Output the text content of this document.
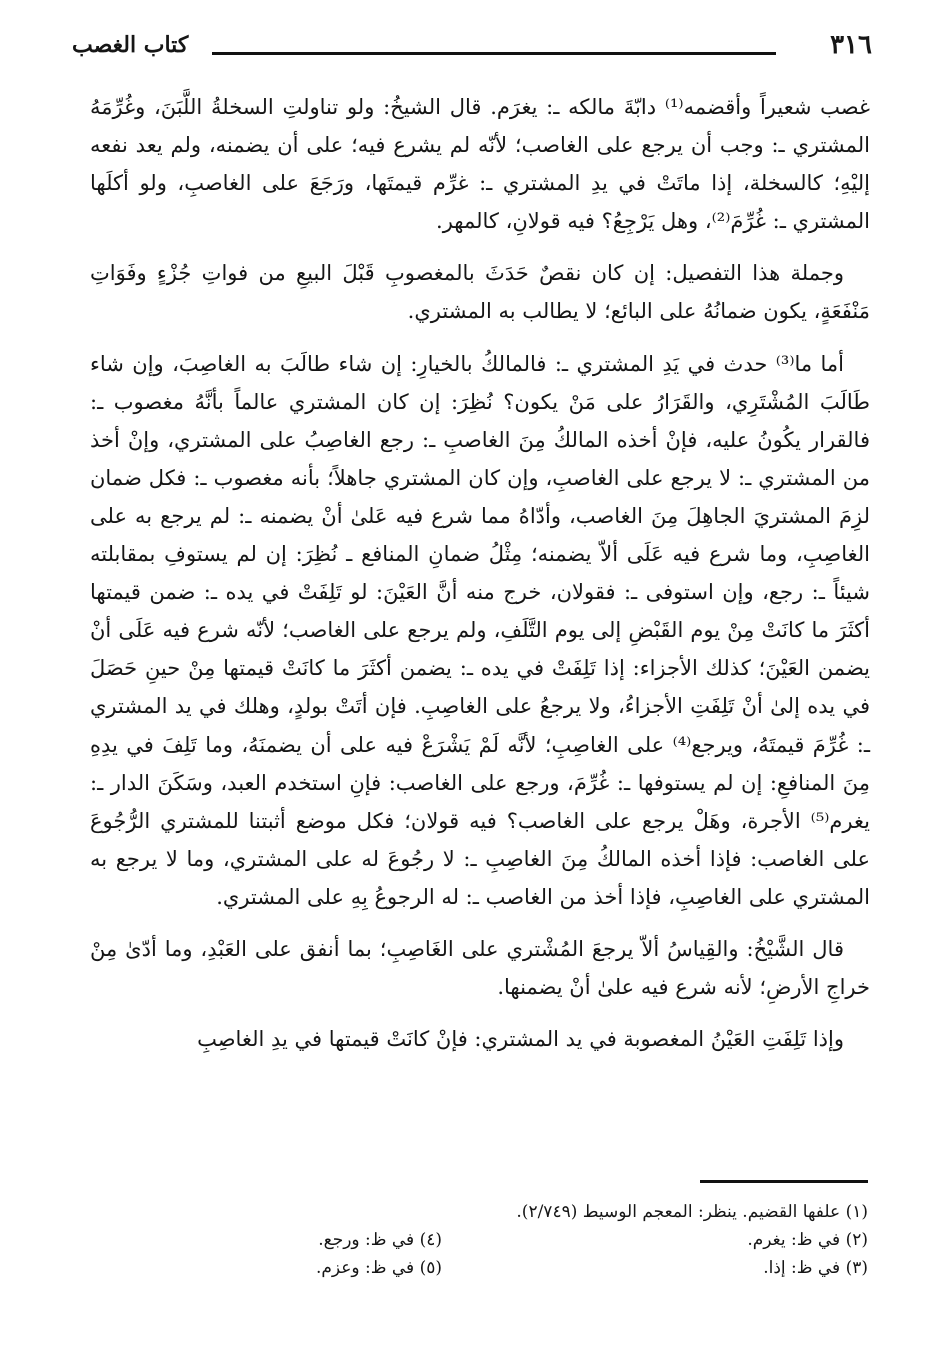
كتاب الغصب	٣١٦

غصب شعيراً وأقضمه⁽¹⁾ دابّةَ مالكه ـ: يغرَم. قال الشيخُ: ولو تناولتِ السخلةُ اللَّبَنَ، وغُرِّمَهُ المشتري ـ: وجب أن يرجع على الغاصب؛ لأنّه لم يشرع فيه؛ على أن يضمنه، ولم يعد نفعه إليْهِ؛ كالسخلة، إذا ماتَتْ في يدِ المشتري ـ: غرِّم قيمتَها، ورَجَعَ على الغاصبِ، ولو أكلَها المشتري ـ: غُرِّمَ⁽²⁾، وهل يَرْجِعُ؟ فيه قولانِ، كالمهر.

وجملة هذا التفصيل: إن كان نقصٌ حَدَثَ بالمغصوبِ قَبْلَ البيعِ من فواتِ جُزْءٍ وفَوَاتِ مَنْفَعَةٍ، يكون ضمانُهُ على البائع؛ لا يطالب به المشتري.

أما ما⁽³⁾ حدث في يَدِ المشتري ـ: فالمالكُ بالخيارِ: إن شاء طالَبَ به الغاصِبَ، وإن شاء طَالَبَ المُشْتَرِي، والقَرَارُ على مَنْ يكون؟ نُظِرَ: إن كان المشتري عالماً بأنَّهُ مغصوب ـ: فالقرار يكُونُ عليه، فإنْ أخذه المالكُ مِنَ الغاصبِ ـ: رجع الغاصِبُ على المشتري، وإنْ أخذ من المشتري ـ: لا يرجع على الغاصبِ، وإن كان المشتري جاهلاً؛ بأنه مغصوب ـ: فكل ضمان لزِمَ المشتريَ الجاهِلَ مِنَ الغاصب، وأدّاهُ مما شرع فيه عَلىٰ أنْ يضمنه ـ: لم يرجع به على الغاصِبِ، وما شرع فيه عَلَى ألاّ يضمنه؛ مِثْلُ ضمانِ المنافع ـ نُظِرَ: إن لم يستوفِ بمقابلته شيئاً ـ: رجع، وإن استوفى ـ: فقولان، خرج منه أنَّ العَيْنَ: لو تَلِفَتْ في يده ـ: ضمن قيمتها أكثَرَ ما كانَتْ مِنْ يوم القَبْضِ إلى يوم التَّلَفِ، ولم يرجع على الغاصب؛ لأنّه شرع فيه عَلَى أنْ يضمن العَيْنَ؛ كذلك الأجزاء: إذا تَلِفَتْ في يده ـ: يضمن أكثَرَ ما كانَتْ قيمتها مِنْ حينِ حَصَلَ في يده إلىٰ أنْ تَلِفَتِ الأجزاءُ، ولا يرجعُ على الغاصِبِ. فإن أتَتْ بولدٍ، وهلك في يد المشتري ـ: غُرِّمَ قيمتَهُ، ويرجع⁽⁴⁾ على الغاصِبِ؛ لأنَّه لَمْ يَشْرَعْ فيه على أن يضمنَهُ، وما تَلِفَ في يدِهِ مِنَ المنافعِ: إن لم يستوفها ـ: غُرِّمَ، ورجع على الغاصب: فإنِ استخدم العبد، وسَكَنَ الدار ـ: يغرم⁽⁵⁾ الأجرة، وهَلْ يرجع على الغاصب؟ فيه قولان؛ فكل موضع أثبتنا للمشتري الرُّجُوعَ على الغاصب: فإذا أخذه المالكُ مِنَ الغاصِبِ ـ: لا رجُوعَ له على المشتري، وما لا يرجع به المشتري على الغاصِبِ، فإذا أخذ من الغاصب ـ: له الرجوعُ بِهِ على المشتري.

قال الشَّيْخُ: والقِياسُ ألاّ يرجعَ المُشْتري على الغَاصِبِ؛ بما أنفق على العَبْدِ، وما أدّىٰ مِنْ خراجِ الأرضِ؛ لأنه شرع فيه علىٰ أنْ يضمنها.

وإذا تَلِفَتِ العَيْنُ المغصوبة في يد المشتري: فإنْ كانَتْ قيمتها في يدِ الغاصِبِ

(١) علفها القضيم. ينظر: المعجم الوسيط (٢/٧٤٩).
(٢) في ظ: يغرم.
(٣) في ظ: إذا.
(٤) في ظ: ورجع.
(٥) في ظ: وعزم.
